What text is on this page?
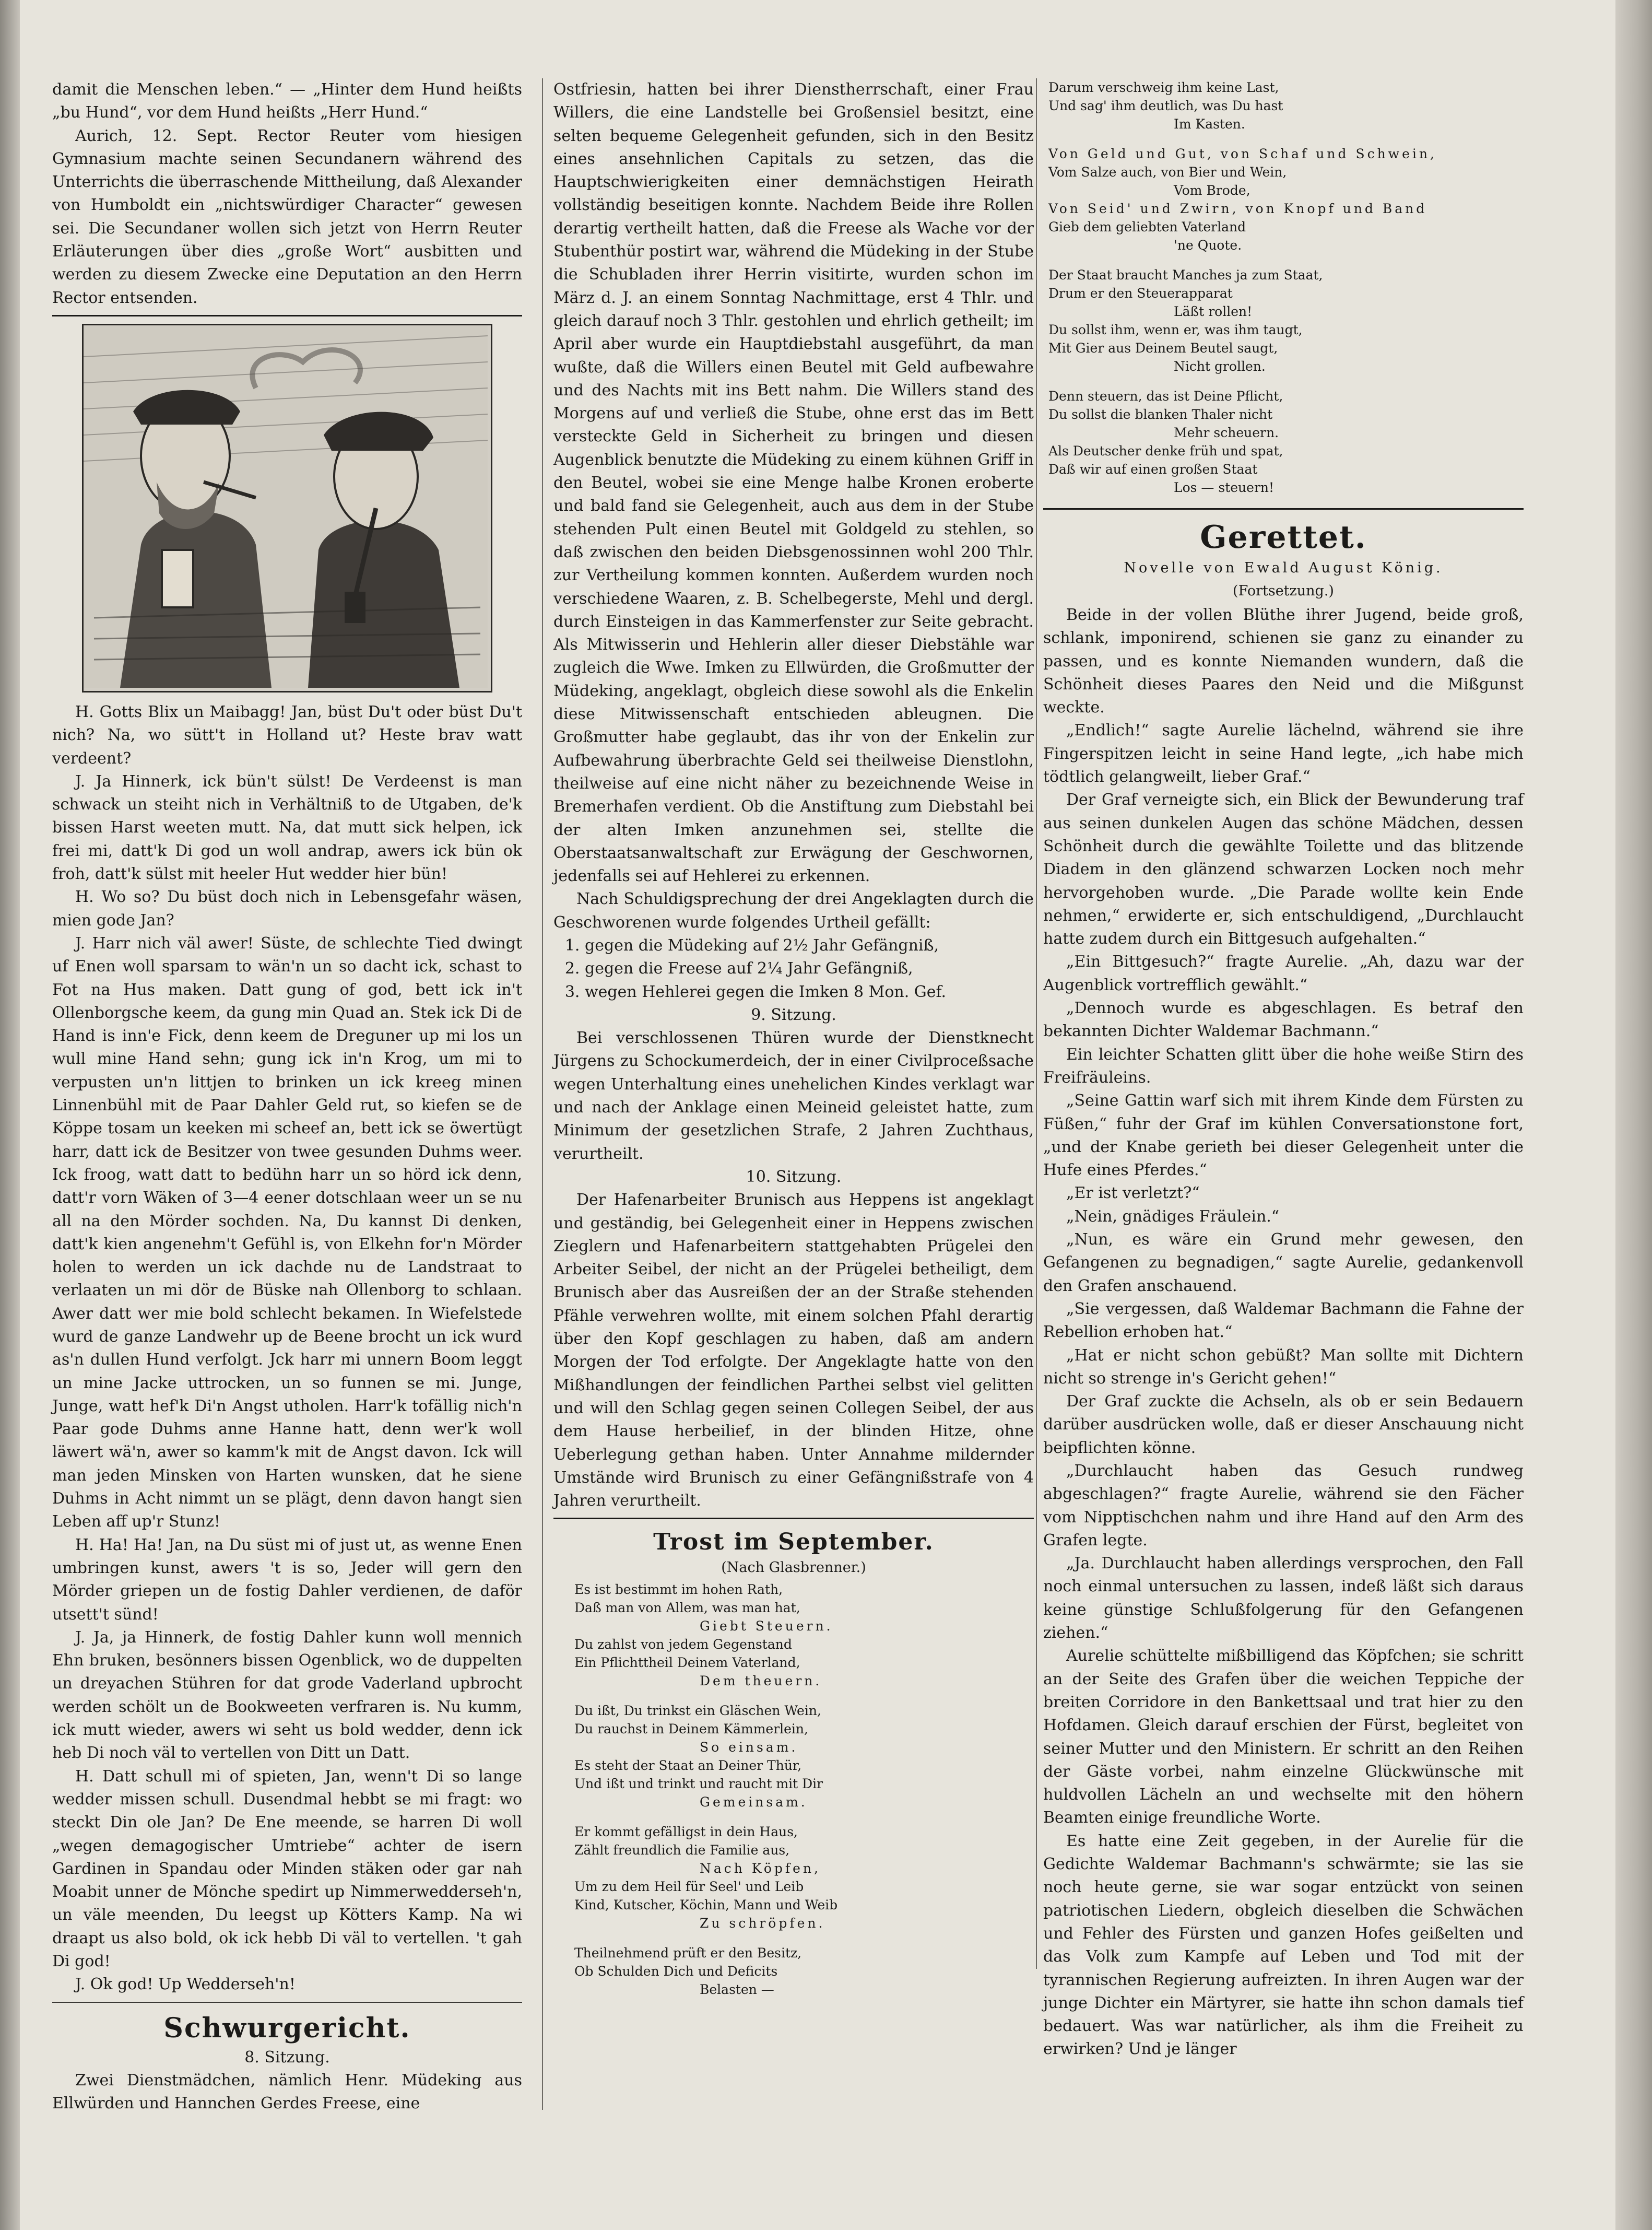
damit die Menschen leben.“ — „Hinter dem Hund heißts „bu Hund“, vor dem Hund heißts „Herr Hund.“

Aurich, 12. Sept. Rector Reuter vom hiesigen Gymnasium machte seinen Secundanern während des Unterrichts die überraschende Mittheilung, daß Alexander von Humboldt ein „nichtswürdiger Character“ gewesen sei. Die Secundaner wollen sich jetzt von Herrn Reuter Erläuterungen über dies „große Wort“ ausbitten und werden zu diesem Zwecke eine Deputation an den Herrn Rector entsenden.

H. Gotts Blix un Maibagg! Jan, büst Du't oder büst Du't nich? Na, wo sütt't in Holland ut? Heste brav watt verdeent?

J. Ja Hinnerk, ick bün't sülst! De Verdeenst is man schwack un steiht nich in Verhältniß to de Utgaben, de'k bissen Harst weeten mutt. Na, dat mutt sick helpen, ick frei mi, datt'k Di god un woll andrap, awers ick bün ok froh, datt'k sülst mit heeler Hut wedder hier bün!

H. Wo so? Du büst doch nich in Lebensgefahr wäsen, mien gode Jan?

J. Harr nich väl awer! Süste, de schlechte Tied dwingt uf Enen woll sparsam to wän'n un so dacht ick, schast to Fot na Hus maken. Datt gung of god, bett ick in't Ollenborgsche keem, da gung min Quad an. Stek ick Di de Hand is inn'e Fick, denn keem de Dreguner up mi los un wull mine Hand sehn; gung ick in'n Krog, um mi to verpusten un'n littjen to brinken un ick kreeg minen Linnenbühl mit de Paar Dahler Geld rut, so kiefen se de Köppe tosam un keeken mi scheef an, bett ick se öwertügt harr, datt ick de Besitzer von twee gesunden Duhms weer. Ick froog, watt datt to bedühn harr un so hörd ick denn, datt'r vorn Wäken of 3—4 eener dotschlaan weer un se nu all na den Mörder sochden. Na, Du kannst Di denken, datt'k kien angenehm't Gefühl is, von Elkehn for'n Mörder holen to werden un ick dachde nu de Landstraat to verlaaten un mi dör de Büske nah Ollenborg to schlaan. Awer datt wer mie bold schlecht bekamen. In Wiefelstede wurd de ganze Landwehr up de Beene brocht un ick wurd as'n dullen Hund verfolgt. Jck harr mi unnern Boom leggt un mine Jacke uttrocken, un so funnen se mi. Junge, Junge, watt hef'k Di'n Angst utholen. Harr'k tofällig nich'n Paar gode Duhms anne Hanne hatt, denn wer'k woll läwert wä'n, awer so kamm'k mit de Angst davon. Ick will man jeden Minsken von Harten wunsken, dat he siene Duhms in Acht nimmt un se plägt, denn davon hangt sien Leben aff up'r Stunz!

H. Ha! Ha! Jan, na Du süst mi of just ut, as wenne Enen umbringen kunst, awers 't is so, Jeder will gern den Mörder griepen un de fostig Dahler verdienen, de daför utsett't sünd!

J. Ja, ja Hinnerk, de fostig Dahler kunn woll mennich Ehn bruken, besönners bissen Ogenblick, wo de duppelten un dreyachen Stühren for dat grode Vaderland upbrocht werden schölt un de Bookweeten verfraren is. Nu kumm, ick mutt wieder, awers wi seht us bold wedder, denn ick heb Di noch väl to vertellen von Ditt un Datt.

H. Datt schull mi of spieten, Jan, wenn't Di so lange wedder missen schull. Dusendmal hebbt se mi fragt: wo steckt Din ole Jan? De Ene meende, se harren Di woll „wegen demagogischer Umtriebe“ achter de isern Gardinen in Spandau oder Minden stäken oder gar nah Moabit unner de Mönche spedirt up Nimmerwedderseh'n, un väle meenden, Du leegst up Kötters Kamp. Na wi draapt us also bold, ok ick hebb Di väl to vertellen. 't gah Di god!

J. Ok god! Up Wedderseh'n!

Schwurgericht.

8. Sitzung.

Zwei Dienstmädchen, nämlich Henr. Müdeking aus Ellwürden und Hannchen Gerdes Freese, eine

Ostfriesin, hatten bei ihrer Dienstherrschaft, einer Frau Willers, die eine Landstelle bei Großensiel besitzt, eine selten bequeme Gelegenheit gefunden, sich in den Besitz eines ansehnlichen Capitals zu setzen, das die Hauptschwierigkeiten einer demnächstigen Heirath vollständig beseitigen konnte. Nachdem Beide ihre Rollen derartig vertheilt hatten, daß die Freese als Wache vor der Stubenthür postirt war, während die Müdeking in der Stube die Schubladen ihrer Herrin visitirte, wurden schon im März d. J. an einem Sonntag Nachmittage, erst 4 Thlr. und gleich darauf noch 3 Thlr. gestohlen und ehrlich getheilt; im April aber wurde ein Hauptdiebstahl ausgeführt, da man wußte, daß die Willers einen Beutel mit Geld aufbewahre und des Nachts mit ins Bett nahm. Die Willers stand des Morgens auf und verließ die Stube, ohne erst das im Bett versteckte Geld in Sicherheit zu bringen und diesen Augenblick benutzte die Müdeking zu einem kühnen Griff in den Beutel, wobei sie eine Menge halbe Kronen eroberte und bald fand sie Gelegenheit, auch aus dem in der Stube stehenden Pult einen Beutel mit Goldgeld zu stehlen, so daß zwischen den beiden Diebsgenossinnen wohl 200 Thlr. zur Vertheilung kommen konnten. Außerdem wurden noch verschiedene Waaren, z. B. Schelbegerste, Mehl und dergl. durch Einsteigen in das Kammerfenster zur Seite gebracht. Als Mitwisserin und Hehlerin aller dieser Diebstähle war zugleich die Wwe. Imken zu Ellwürden, die Großmutter der Müdeking, angeklagt, obgleich diese sowohl als die Enkelin diese Mitwissenschaft entschieden ableugnen. Die Großmutter habe geglaubt, das ihr von der Enkelin zur Aufbewahrung überbrachte Geld sei theilweise Dienstlohn, theilweise auf eine nicht näher zu bezeichnende Weise in Bremerhafen verdient. Ob die Anstiftung zum Diebstahl bei der alten Imken anzunehmen sei, stellte die Oberstaatsanwaltschaft zur Erwägung der Geschwornen, jedenfalls sei auf Hehlerei zu erkennen.

Nach Schuldigsprechung der drei Angeklagten durch die Geschworenen wurde folgendes Urtheil gefällt:

1. gegen die Müdeking auf 2½ Jahr Gefängniß,
2. gegen die Freese auf 2¼ Jahr Gefängniß,
3. wegen Hehlerei gegen die Imken 8 Mon. Gef.

9. Sitzung.

Bei verschlossenen Thüren wurde der Dienstknecht Jürgens zu Schockumerdeich, der in einer Civilproceßsache wegen Unterhaltung eines unehelichen Kindes verklagt war und nach der Anklage einen Meineid geleistet hatte, zum Minimum der gesetzlichen Strafe, 2 Jahren Zuchthaus, verurtheilt.

10. Sitzung.

Der Hafenarbeiter Brunisch aus Heppens ist angeklagt und geständig, bei Gelegenheit einer in Heppens zwischen Zieglern und Hafenarbeitern stattgehabten Prügelei den Arbeiter Seibel, der nicht an der Prügelei betheiligt, dem Brunisch aber das Ausreißen der an der Straße stehenden Pfähle verwehren wollte, mit einem solchen Pfahl derartig über den Kopf geschlagen zu haben, daß am andern Morgen der Tod erfolgte. Der Angeklagte hatte von den Mißhandlungen der feindlichen Parthei selbst viel gelitten und will den Schlag gegen seinen Collegen Seibel, der aus dem Hause herbeilief, in der blinden Hitze, ohne Ueberlegung gethan haben. Unter Annahme mildernder Umstände wird Brunisch zu einer Gefängnißstrafe von 4 Jahren verurtheilt.

Trost im September.

(Nach Glasbrenner.)

Es ist bestimmt im hohen Rath,
Daß man von Allem, was man hat,
Giebt Steuern.
Du zahlst von jedem Gegenstand
Ein Pflichttheil Deinem Vaterland,
Dem theuern.
Du ißt, Du trinkst ein Gläschen Wein,
Du rauchst in Deinem Kämmerlein,
So einsam.
Es steht der Staat an Deiner Thür,
Und ißt und trinkt und raucht mit Dir
Gemeinsam.
Er kommt gefälligst in dein Haus,
Zählt freundlich die Familie aus,
Nach Köpfen,
Um zu dem Heil für Seel' und Leib
Kind, Kutscher, Köchin, Mann und Weib
Zu schröpfen.
Theilnehmend prüft er den Besitz,
Ob Schulden Dich und Deficits
Belasten —
Darum verschweig ihm keine Last,
Und sag' ihm deutlich, was Du hast
Im Kasten.
Von Geld und Gut, von Schaf und Schwein,
Vom Salze auch, von Bier und Wein,
Vom Brode,
Von Seid' und Zwirn, von Knopf und Band
Gieb dem geliebten Vaterland
'ne Quote.
Der Staat braucht Manches ja zum Staat,
Drum er den Steuerapparat
Läßt rollen!
Du sollst ihm, wenn er, was ihm taugt,
Mit Gier aus Deinem Beutel saugt,
Nicht grollen.
Denn steuern, das ist Deine Pflicht,
Du sollst die blanken Thaler nicht
Mehr scheuern.
Als Deutscher denke früh und spat,
Daß wir auf einen großen Staat
Los — steuern!
Gerettet.

Novelle von Ewald August König.

(Fortsetzung.)

Beide in der vollen Blüthe ihrer Jugend, beide groß, schlank, imponirend, schienen sie ganz zu einander zu passen, und es konnte Niemanden wundern, daß die Schönheit dieses Paares den Neid und die Mißgunst weckte.

„Endlich!“ sagte Aurelie lächelnd, während sie ihre Fingerspitzen leicht in seine Hand legte, „ich habe mich tödtlich gelangweilt, lieber Graf.“

Der Graf verneigte sich, ein Blick der Bewunderung traf aus seinen dunkelen Augen das schöne Mädchen, dessen Schönheit durch die gewählte Toilette und das blitzende Diadem in den glänzend schwarzen Locken noch mehr hervorgehoben wurde. „Die Parade wollte kein Ende nehmen,“ erwiderte er, sich entschuldigend, „Durchlaucht hatte zudem durch ein Bittgesuch aufgehalten.“

„Ein Bittgesuch?“ fragte Aurelie. „Ah, dazu war der Augenblick vortrefflich gewählt.“

„Dennoch wurde es abgeschlagen. Es betraf den bekannten Dichter Waldemar Bachmann.“

Ein leichter Schatten glitt über die hohe weiße Stirn des Freifräuleins.

„Seine Gattin warf sich mit ihrem Kinde dem Fürsten zu Füßen,“ fuhr der Graf im kühlen Conversationstone fort, „und der Knabe gerieth bei dieser Gelegenheit unter die Hufe eines Pferdes.“

„Er ist verletzt?“

„Nein, gnädiges Fräulein.“

„Nun, es wäre ein Grund mehr gewesen, den Gefangenen zu begnadigen,“ sagte Aurelie, gedankenvoll den Grafen anschauend.

„Sie vergessen, daß Waldemar Bachmann die Fahne der Rebellion erhoben hat.“

„Hat er nicht schon gebüßt? Man sollte mit Dichtern nicht so strenge in's Gericht gehen!“

Der Graf zuckte die Achseln, als ob er sein Bedauern darüber ausdrücken wolle, daß er dieser Anschauung nicht beipflichten könne.

„Durchlaucht haben das Gesuch rundweg abgeschlagen?“ fragte Aurelie, während sie den Fächer vom Nipptischchen nahm und ihre Hand auf den Arm des Grafen legte.

„Ja. Durchlaucht haben allerdings versprochen, den Fall noch einmal untersuchen zu lassen, indeß läßt sich daraus keine günstige Schlußfolgerung für den Gefangenen ziehen.“

Aurelie schüttelte mißbilligend das Köpfchen; sie schritt an der Seite des Grafen über die weichen Teppiche der breiten Corridore in den Bankettsaal und trat hier zu den Hofdamen. Gleich darauf erschien der Fürst, begleitet von seiner Mutter und den Ministern. Er schritt an den Reihen der Gäste vorbei, nahm einzelne Glückwünsche mit huldvollen Lächeln an und wechselte mit den höhern Beamten einige freundliche Worte.

Es hatte eine Zeit gegeben, in der Aurelie für die Gedichte Waldemar Bachmann's schwärmte; sie las sie noch heute gerne, sie war sogar entzückt von seinen patriotischen Liedern, obgleich dieselben die Schwächen und Fehler des Fürsten und ganzen Hofes geißelten und das Volk zum Kampfe auf Leben und Tod mit der tyrannischen Regierung aufreizten. In ihren Augen war der junge Dichter ein Märtyrer, sie hatte ihn schon damals tief bedauert. Was war natürlicher, als ihm die Freiheit zu erwirken? Und je länger
